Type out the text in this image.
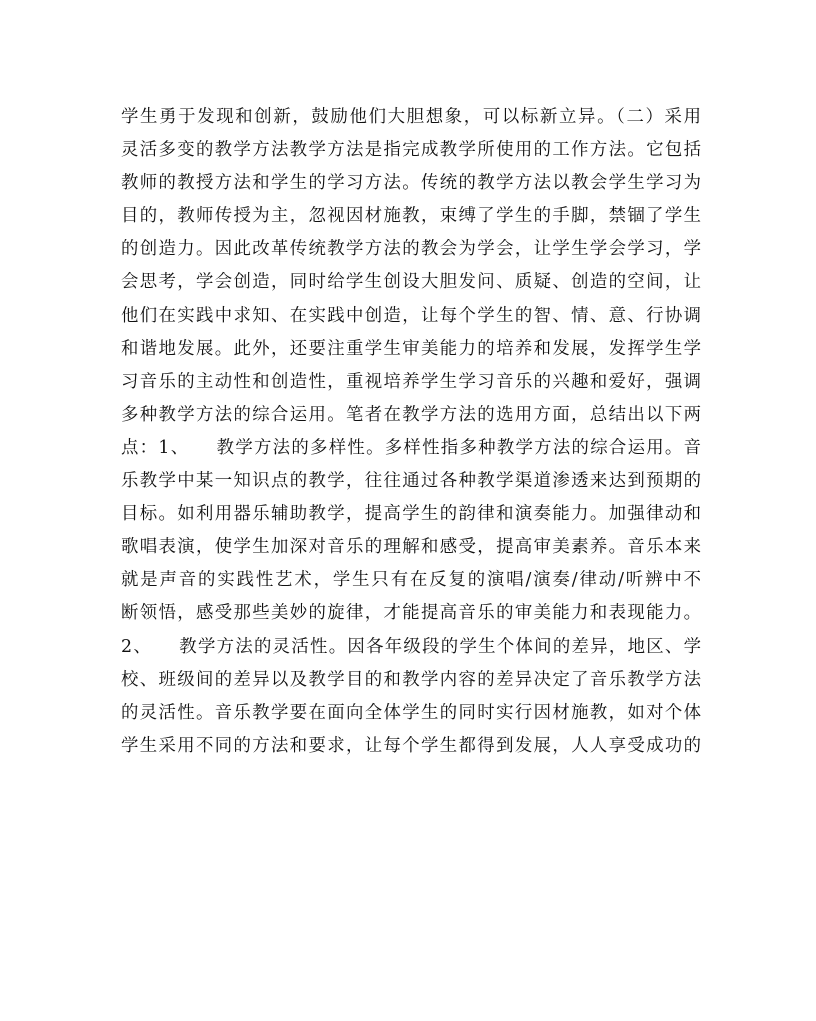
学生勇于发现和创新，鼓励他们大胆想象，可以标新立异。（二）采用
灵活多变的教学方法教学方法是指完成教学所使用的工作方法。它包括
教师的教授方法和学生的学习方法。传统的教学方法以教会学生学习为
目的，教师传授为主，忽视因材施教，束缚了学生的手脚，禁锢了学生
的创造力。因此改革传统教学方法的教会为学会，让学生学会学习，学
会思考，学会创造，同时给学生创设大胆发问、质疑、创造的空间，让
他们在实践中求知、在实践中创造，让每个学生的智、情、意、行协调
和谐地发展。此外，还要注重学生审美能力的培养和发展，发挥学生学
习音乐的主动性和创造性，重视培养学生学习音乐的兴趣和爱好，强调
多种教学方法的综合运用。笔者在教学方法的选用方面，总结出以下两
点：1、    教学方法的多样性。多样性指多种教学方法的综合运用。音
乐教学中某一知识点的教学，往往通过各种教学渠道渗透来达到预期的
目标。如利用器乐辅助教学，提高学生的韵律和演奏能力。加强律动和
歌唱表演，使学生加深对音乐的理解和感受，提高审美素养。音乐本来
就是声音的实践性艺术，学生只有在反复的演唱/演奏/律动/听辨中不
断领悟，感受那些美妙的旋律，才能提高音乐的审美能力和表现能力。
2、    教学方法的灵活性。因各年级段的学生个体间的差异，地区、学
校、班级间的差异以及教学目的和教学内容的差异决定了音乐教学方法
的灵活性。音乐教学要在面向全体学生的同时实行因材施教，如对个体
学生采用不同的方法和要求，让每个学生都得到发展，人人享受成功的
